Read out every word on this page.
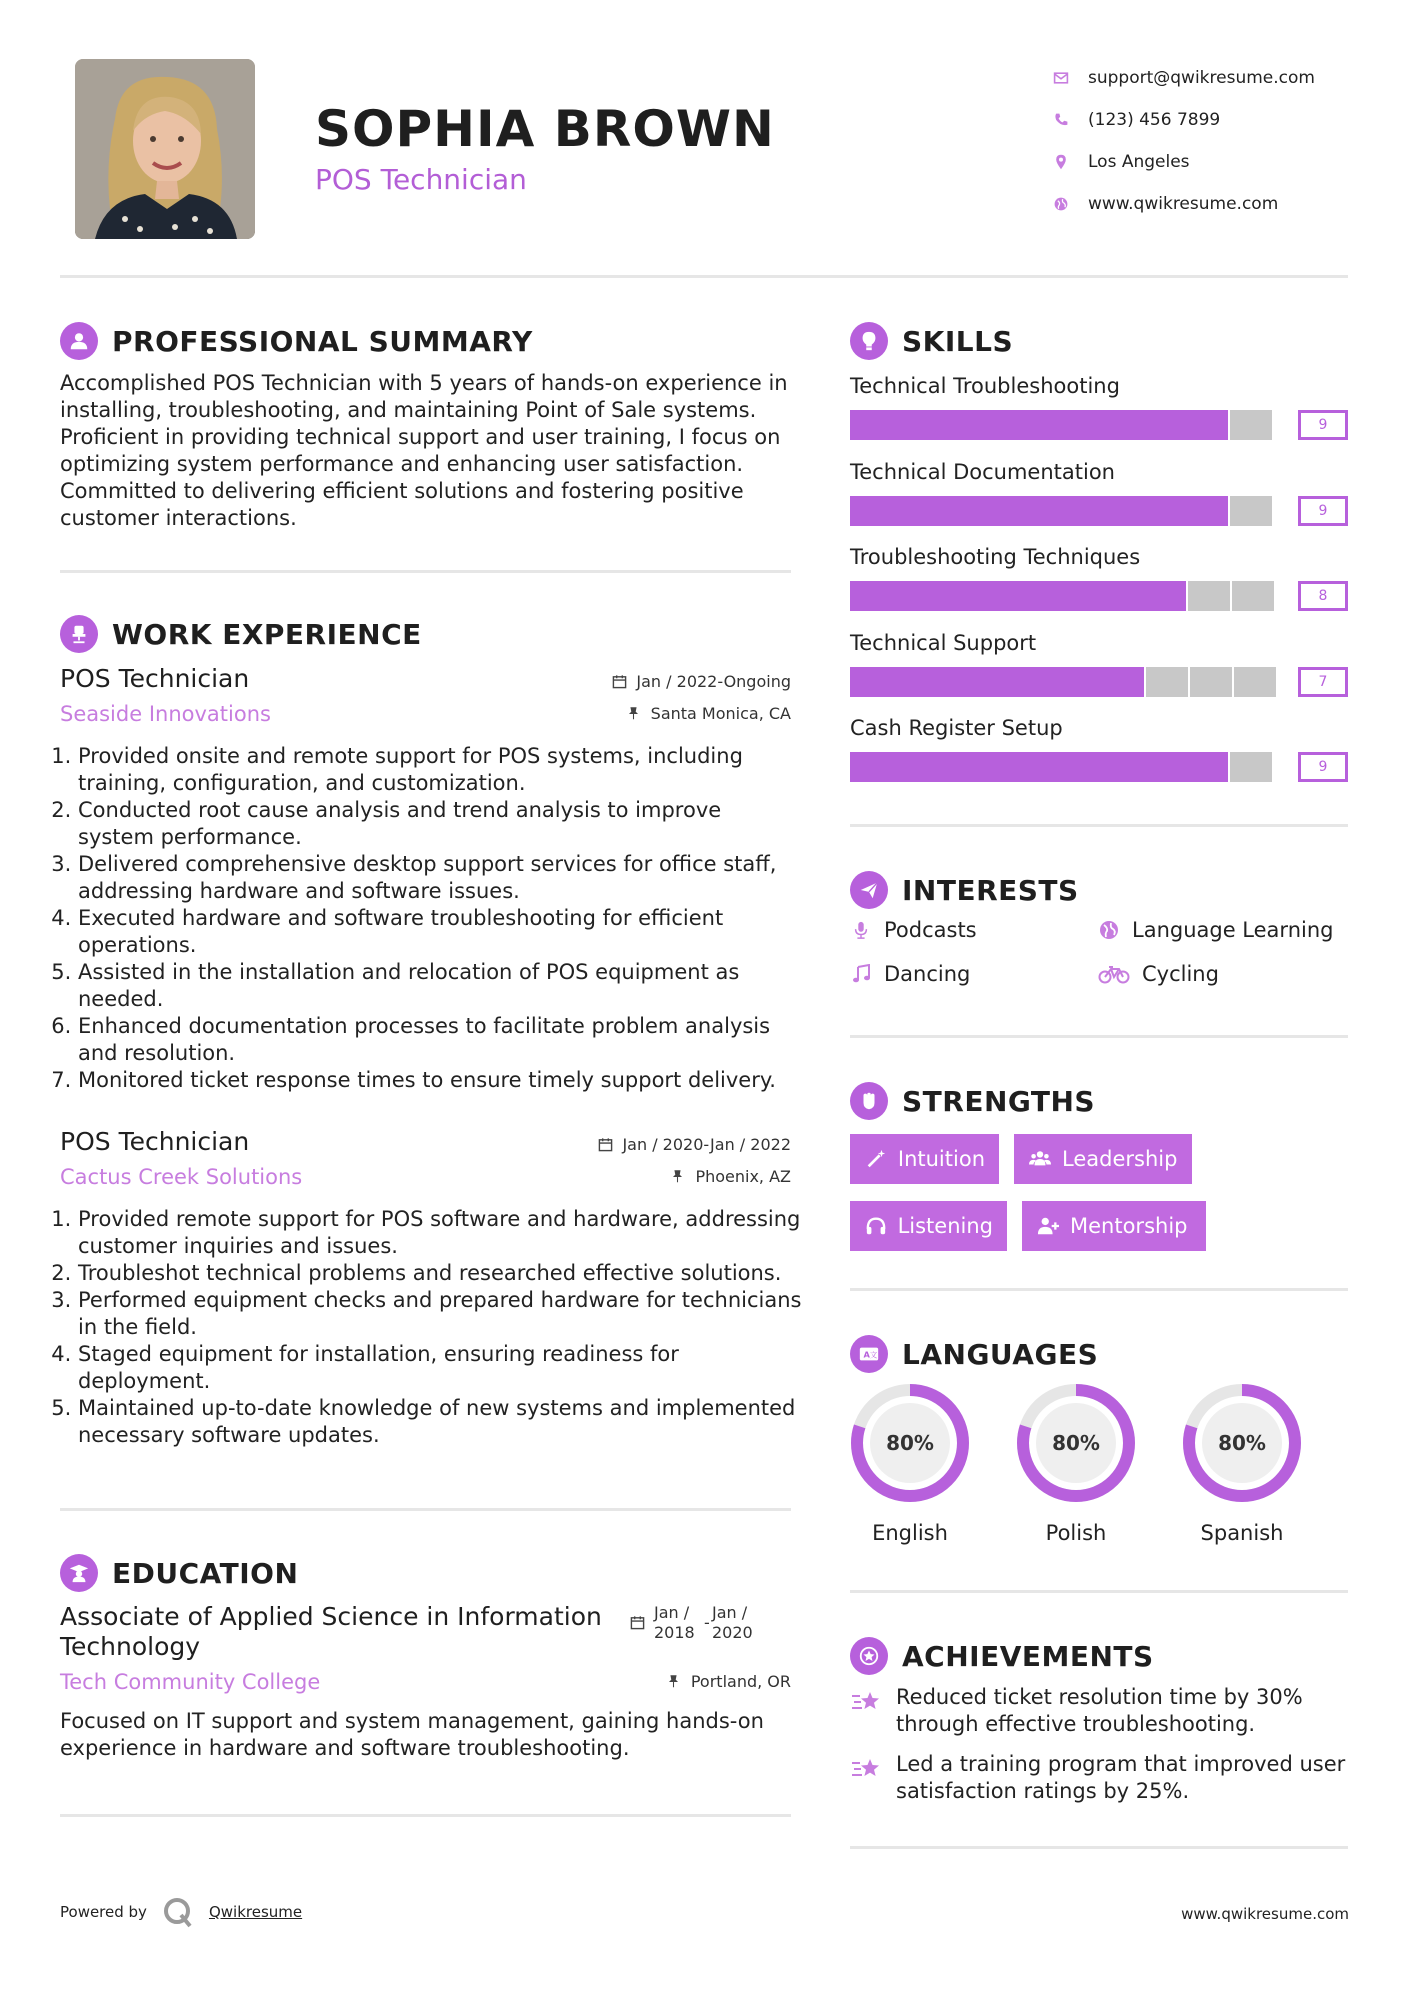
SOPHIA BROWN
POS Technician
support@qwikresume.com
(123) 456 7899
Los Angeles
www.qwikresume.com
PROFESSIONAL SUMMARY
Accomplished POS Technician with 5 years of hands-on experience in installing, troubleshooting, and maintaining Point of Sale systems. Proficient in providing technical support and user training, I focus on optimizing system performance and enhancing user satisfaction. Committed to delivering efficient solutions and fostering positive customer interactions.
WORK EXPERIENCE
POS Technician	Jan / 2022-Ongoing
Seaside Innovations	Santa Monica, CA
1. Provided onsite and remote support for POS systems, including training, configuration, and customization.
2. Conducted root cause analysis and trend analysis to improve system performance.
3. Delivered comprehensive desktop support services for office staff, addressing hardware and software issues.
4. Executed hardware and software troubleshooting for efficient operations.
5. Assisted in the installation and relocation of POS equipment as needed.
6. Enhanced documentation processes to facilitate problem analysis and resolution.
7. Monitored ticket response times to ensure timely support delivery.
POS Technician	Jan / 2020-Jan / 2022
Cactus Creek Solutions	Phoenix, AZ
1. Provided remote support for POS software and hardware, addressing customer inquiries and issues.
2. Troubleshot technical problems and researched effective solutions.
3. Performed equipment checks and prepared hardware for technicians in the field.
4. Staged equipment for installation, ensuring readiness for deployment.
5. Maintained up-to-date knowledge of new systems and implemented necessary software updates.
EDUCATION
Associate of Applied Science in Information Technology
Jan /
2018
-
Jan /
2020
Tech Community College	Portland, OR
Focused on IT support and system management, gaining hands-on experience in hardware and software troubleshooting.
SKILLS
Technical Troubleshooting
9
Technical Documentation
9
Troubleshooting Techniques
8
Technical Support
7
Cash Register Setup
9
INTERESTS
Podcasts	Language Learning
Dancing	Cycling
STRENGTHS
Intuition	Leadership
Listening	Mentorship
A 文 LANGUAGES
80%
English
80%
Polish
80%
Spanish
ACHIEVEMENTS
Reduced ticket resolution time by 30% through effective troubleshooting.
Led a training program that improved user satisfaction ratings by 25%.
Powered by	Qwikresume	www.qwikresume.com
